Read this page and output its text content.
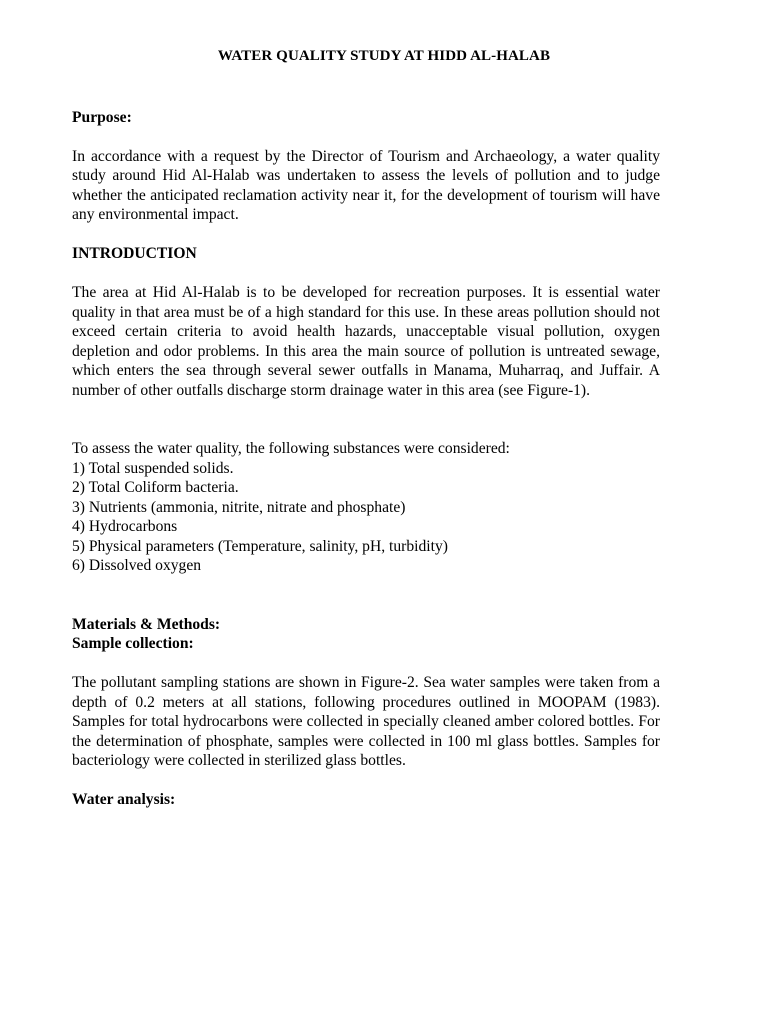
WATER QUALITY STUDY AT HIDD AL-HALAB
Purpose:

In accordance with a request by the Director of Tourism and Archaeology, a water quality study around Hid Al-Halab was undertaken to assess the levels of pollution and to judge whether the anticipated reclamation activity near it, for the development of tourism will have any environmental impact.

INTRODUCTION

The area at Hid Al-Halab is to be developed for recreation purposes. It is essential water quality in that area must be of a high standard for this use. In these areas pollution should not exceed certain criteria to avoid health hazards, unacceptable visual pollution, oxygen depletion and odor problems. In this area the main source of pollution is untreated sewage, which enters the sea through several sewer outfalls in Manama, Muharraq, and Juffair. A number of other outfalls discharge storm drainage water in this area (see Figure-1).

To assess the water quality, the following substances were considered:

1) Total suspended solids.
2) Total Coliform bacteria.
3) Nutrients (ammonia, nitrite, nitrate and phosphate)
4) Hydrocarbons
5) Physical parameters (Temperature, salinity, pH, turbidity)
6) Dissolved oxygen
Materials & Methods:
Sample collection:

The pollutant sampling stations are shown in Figure-2. Sea water samples were taken from a depth of 0.2 meters at all stations, following procedures outlined in MOOPAM (1983). Samples for total hydrocarbons were collected in specially cleaned amber colored bottles. For the determination of phosphate, samples were collected in 100 ml glass bottles. Samples for bacteriology were collected in sterilized glass bottles.

Water analysis:
